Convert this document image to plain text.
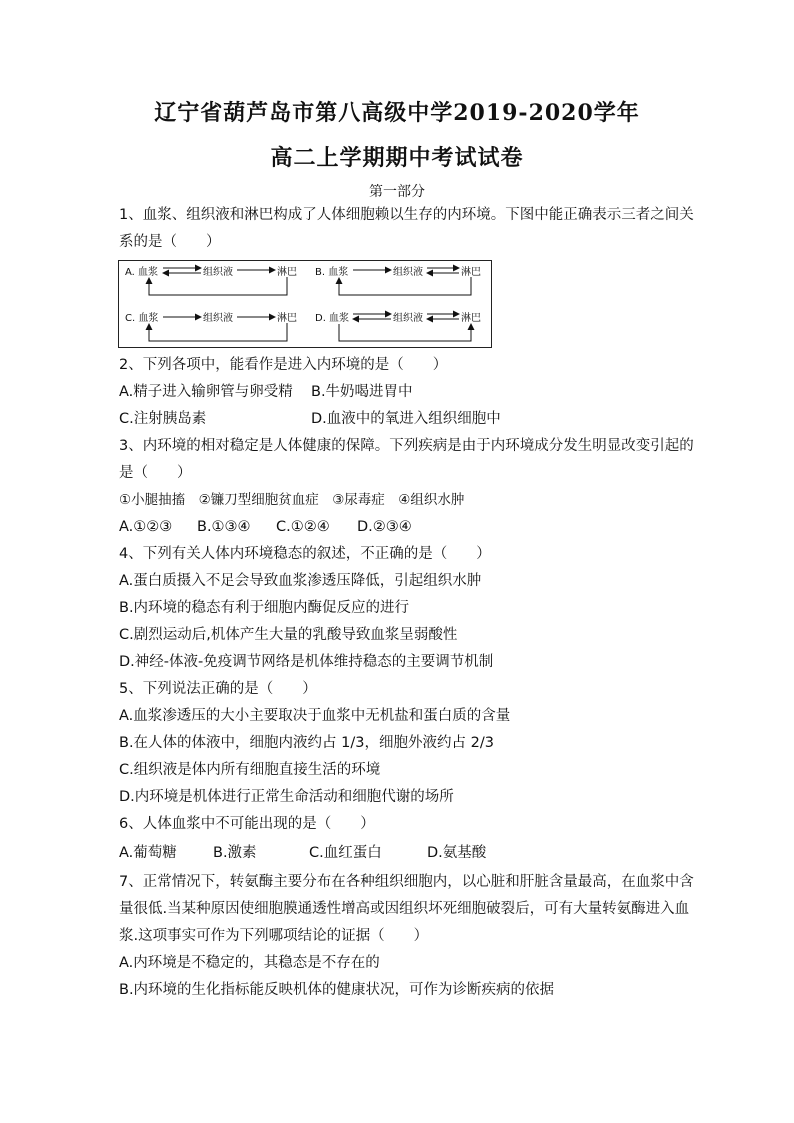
辽宁省葫芦岛市第八高级中学2019-2020学年
高二上学期期中考试试卷
第一部分
1、血浆、组织液和淋巴构成了人体细胞赖以生存的内环境。下图中能正确表示三者之间关
系的是（　　）
A. 血浆	组织液	淋巴 B. 血浆	组织液	淋巴
C. 血浆	组织液	淋巴 D. 血浆	组织液	淋巴
2、下列各项中，能看作是进入内环境的是（　　）
A.精子进入输卵管与卵受精 B.牛奶喝进胃中
C.注射胰岛素	D.血液中的氧进入组织细胞中
3、内环境的相对稳定是人体健康的保障。下列疾病是由于内环境成分发生明显改变引起的
是（　　）
①小腿抽搐　②镰刀型细胞贫血症　③尿毒症　④组织水肿
A.①②③ B.①③④ C.①②④ D.②③④
4、下列有关人体内环境稳态的叙述，不正确的是（　　）
A.蛋白质摄入不足会导致血浆渗透压降低，引起组织水肿
B.内环境的稳态有利于细胞内酶促反应的进行
C.剧烈运动后,机体产生大量的乳酸导致血浆呈弱酸性
D.神经-体液-免疫调节网络是机体维持稳态的主要调节机制
5、下列说法正确的是（　　）
A.血浆渗透压的大小主要取决于血浆中无机盐和蛋白质的含量
B.在人体的体液中，细胞内液约占 1/3，细胞外液约占 2/3
C.组织液是体内所有细胞直接生活的环境
D.内环境是机体进行正常生命活动和细胞代谢的场所
6、人体血浆中不可能出现的是（　　）
A.葡萄糖 B.激素	C.血红蛋白	D.氨基酸
7、正常情况下，转氨酶主要分布在各种组织细胞内，以心脏和肝脏含量最高，在血浆中含
量很低.当某种原因使细胞膜通透性增高或因组织坏死细胞破裂后，可有大量转氨酶进入血
浆.这项事实可作为下列哪项结论的证据（　　）
A.内环境是不稳定的，其稳态是不存在的
B.内环境的生化指标能反映机体的健康状况，可作为诊断疾病的依据
